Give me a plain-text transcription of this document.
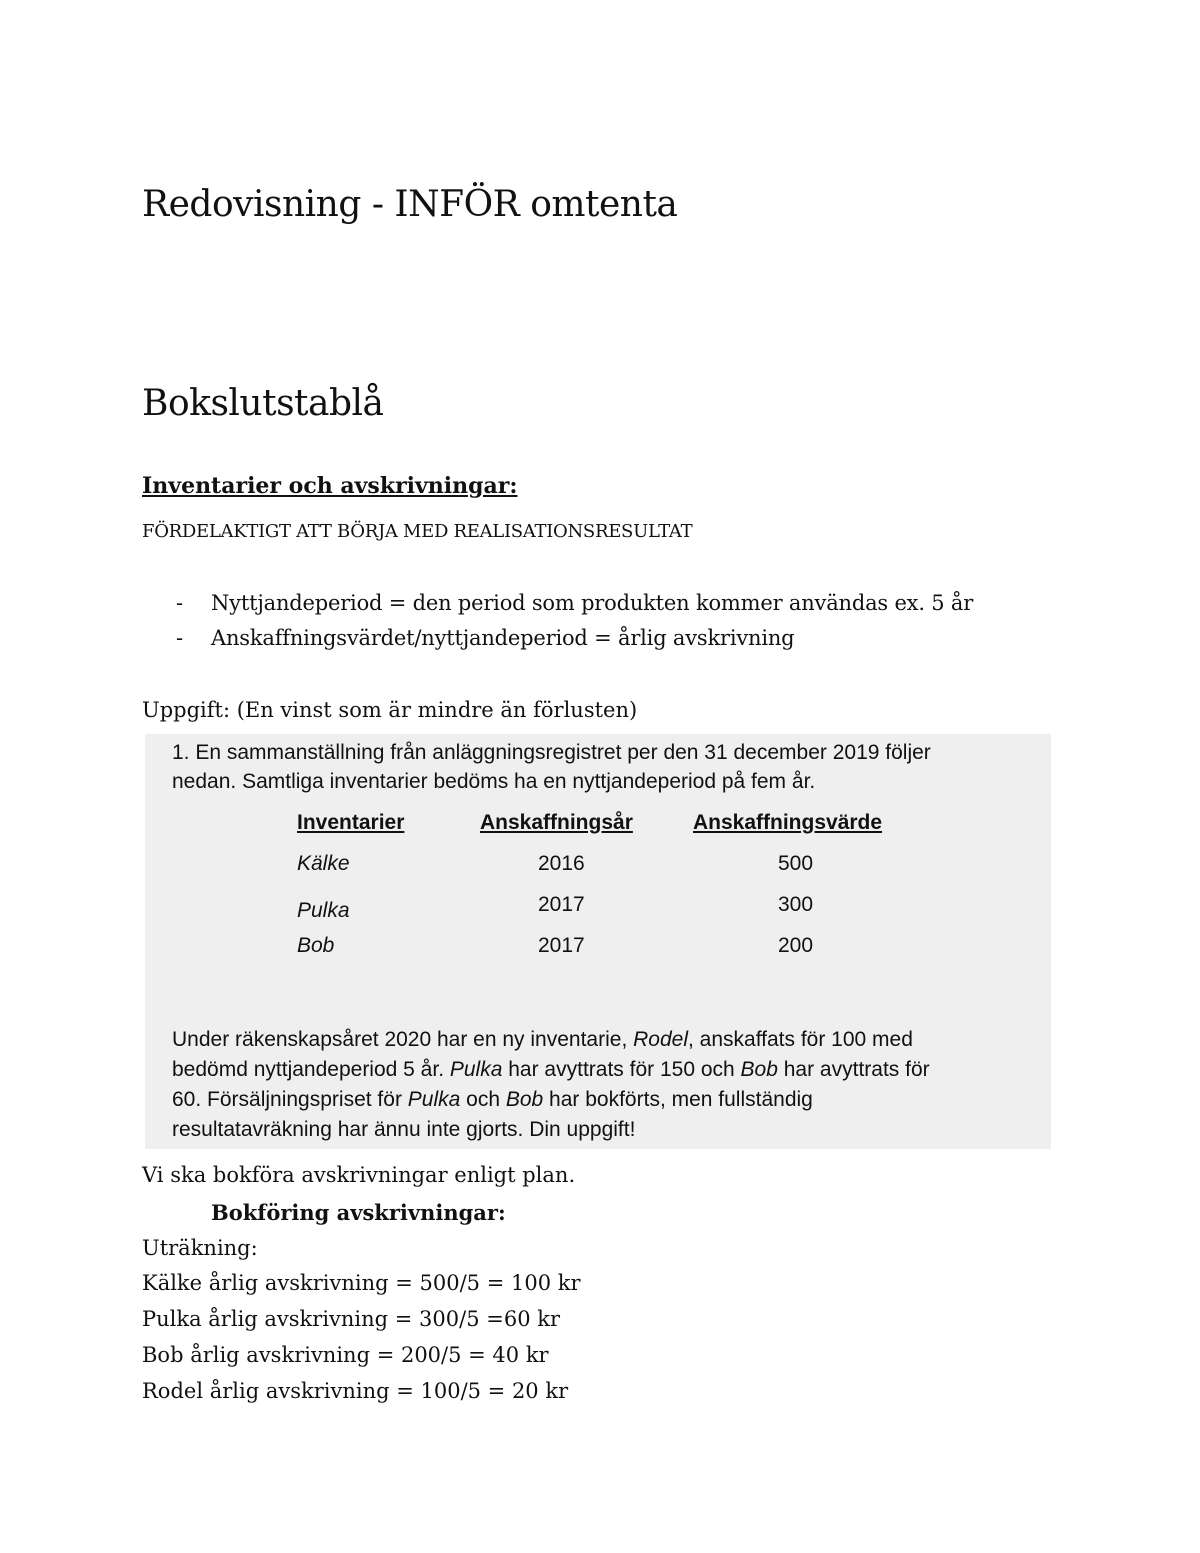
Redovisning - INFÖR omtenta
Bokslutstablå
Inventarier och avskrivningar:
FÖRDELAKTIGT ATT BÖRJA MED REALISATIONSRESULTAT
- Nyttjandeperiod = den period som produkten kommer användas ex. 5 år
- Anskaffningsvärdet/nyttjandeperiod = årlig avskrivning
Uppgift: (En vinst som är mindre än förlusten)
1. En sammanställning från anläggningsregistret per den 31 december 2019 följer
nedan. Samtliga inventarier bedöms ha en nyttjandeperiod på fem år.
Inventarier	Anskaffningsår	Anskaffningsvärde
Kälke	2016	500
Pulka	2017	300
Bob	2017	200
Under räkenskapsåret 2020 har en ny inventarie, Rodel, anskaffats för 100 med
bedömd nyttjandeperiod 5 år. Pulka har avyttrats för 150 och Bob har avyttrats för
60. Försäljningspriset för Pulka och Bob har bokförts, men fullständig
resultatavräkning har ännu inte gjorts. Din uppgift!
Vi ska bokföra avskrivningar enligt plan.
Bokföring avskrivningar:
Uträkning:
Kälke årlig avskrivning = 500/5 = 100 kr
Pulka årlig avskrivning = 300/5 =60 kr
Bob årlig avskrivning = 200/5 = 40 kr
Rodel årlig avskrivning = 100/5 = 20 kr
